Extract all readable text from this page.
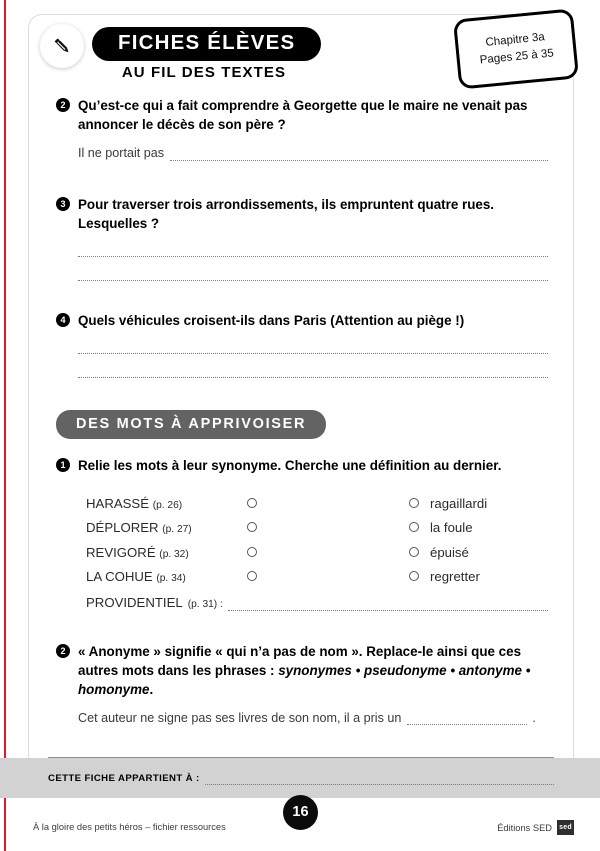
FICHES ÉLÈVES
AU FIL DES TEXTES
Chapitre 3a
Pages 25 à 35
2 Qu’est-ce qui a fait comprendre à Georgette que le maire ne venait pas annoncer le décès de son père ?
Il ne portait pas
3 Pour traverser trois arrondissements, ils empruntent quatre rues. Lesquelles ?
4 Quels véhicules croisent-ils dans Paris (Attention au piège !)
DES MOTS À APPRIVOISER
1 Relie les mots à leur synonyme. Cherche une définition au dernier.
HARASSÉ (p. 26)				ragaillardi
DÉPLORER (p. 27)				la foule
REVIGORÉ (p. 32)				épuisé
LA COHUE (p. 34)				regretter

PROVIDENTIEL (p. 31) :				
2 « Anonyme » signifie « qui n’a pas de nom ». Replace-le ainsi que ces autres mots dans les phrases : synonymes • pseudonyme • antonyme • homonyme.
Cet auteur ne signe pas ses livres de son nom, il a pris un	.
CETTE FICHE APPARTIENT À :
16
À la gloire des petits héros – fichier ressources	Éditions SED	sed
